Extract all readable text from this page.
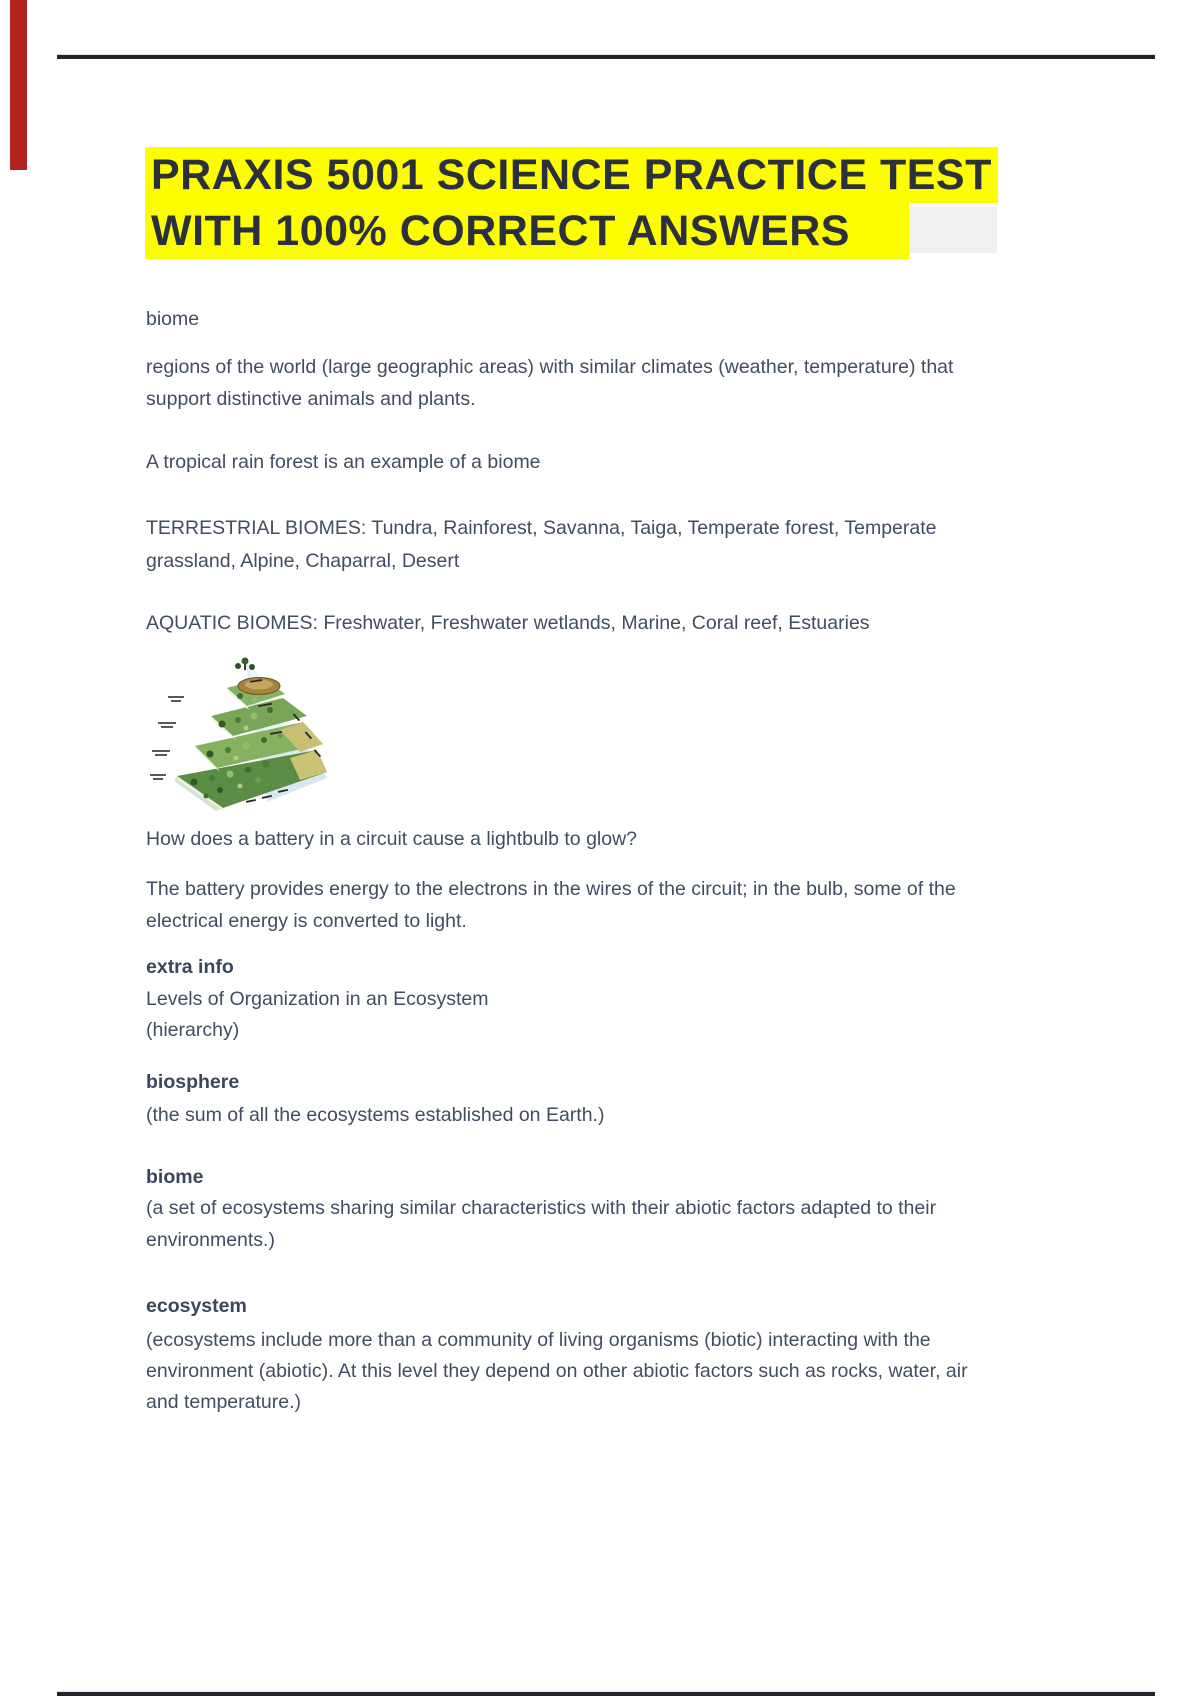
PRAXIS 5001 SCIENCE PRACTICE TEST
WITH 100% CORRECT ANSWERS
biome
regions of the world (large geographic areas) with similar climates (weather, temperature) that
support distinctive animals and plants.
A tropical rain forest is an example of a biome
TERRESTRIAL BIOMES: Tundra, Rainforest, Savanna, Taiga, Temperate forest, Temperate
grassland, Alpine, Chaparral, Desert
AQUATIC BIOMES: Freshwater, Freshwater wetlands, Marine, Coral reef, Estuaries
How does a battery in a circuit cause a lightbulb to glow?
The battery provides energy to the electrons in the wires of the circuit; in the bulb, some of the
electrical energy is converted to light.
extra info
Levels of Organization in an Ecosystem
(hierarchy)
biosphere
(the sum of all the ecosystems established on Earth.)
biome
(a set of ecosystems sharing similar characteristics with their abiotic factors adapted to their
environments.)
ecosystem
(ecosystems include more than a community of living organisms (biotic) interacting with the
environment (abiotic). At this level they depend on other abiotic factors such as rocks, water, air
and temperature.)
